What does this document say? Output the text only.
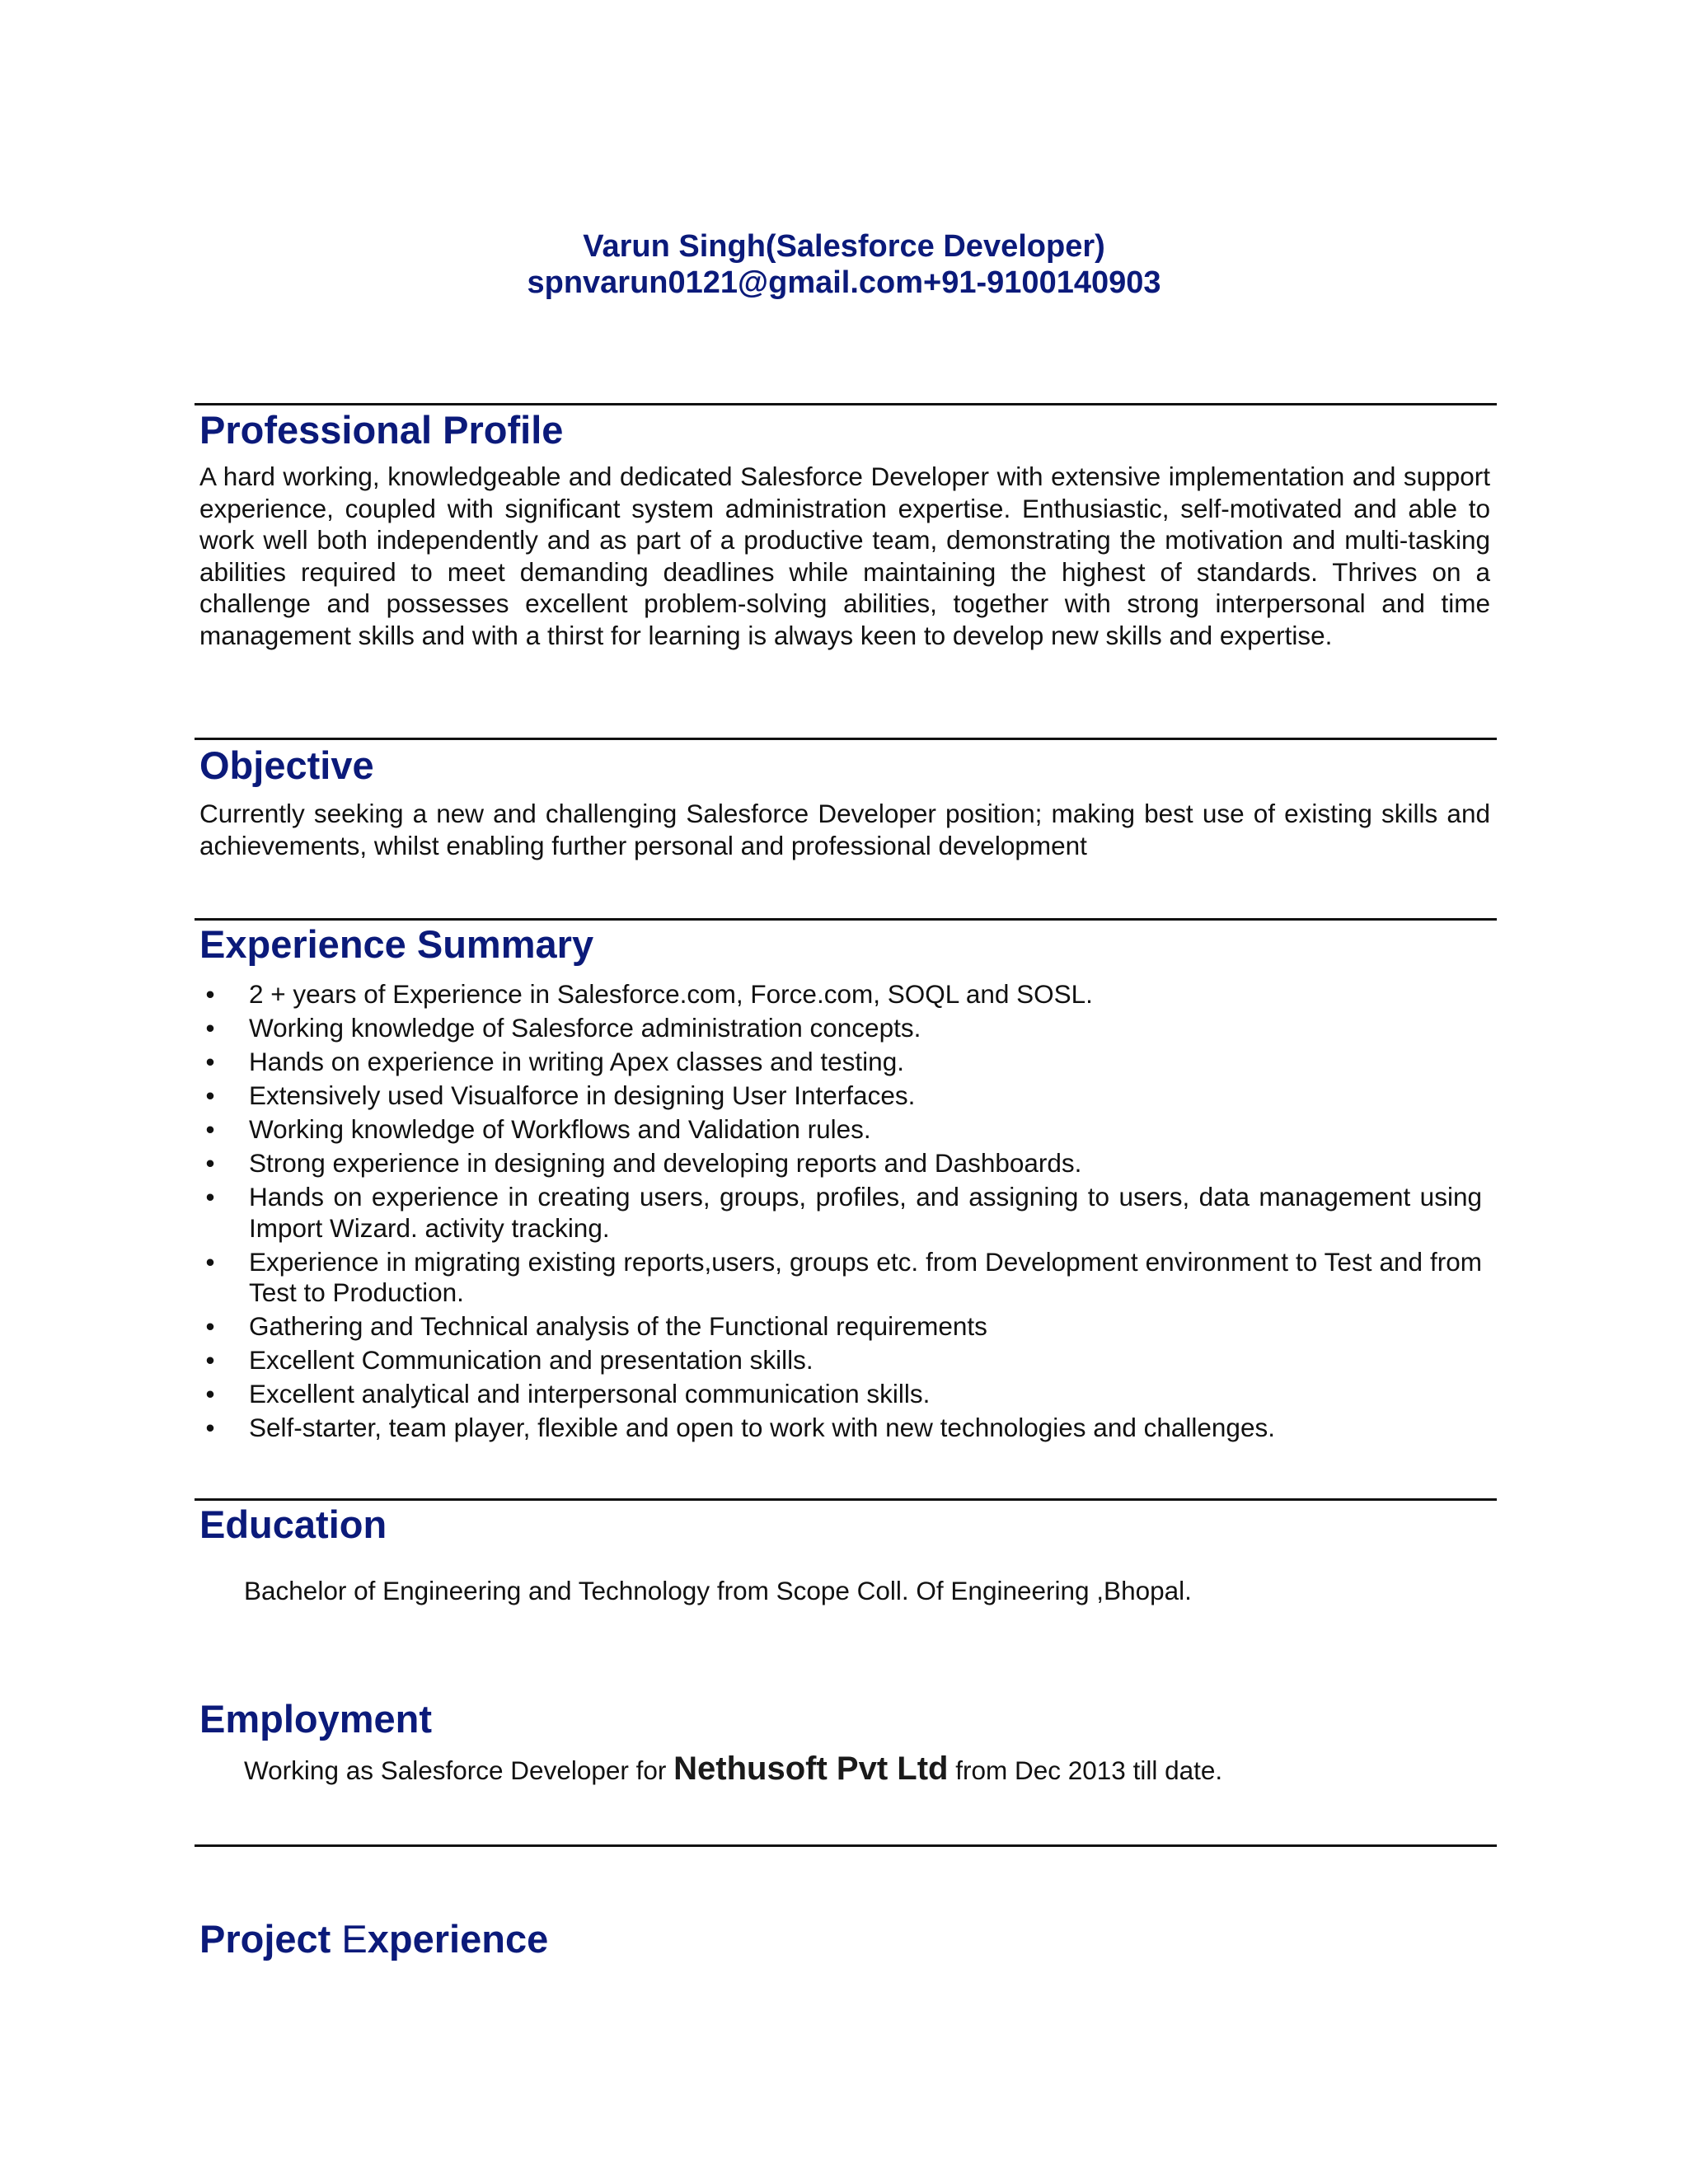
Varun Singh(Salesforce Developer)
spnvarun0121@gmail.com+91-9100140903
Professional Profile
A hard working, knowledgeable and dedicated Salesforce Developer with extensive implementation and support experience, coupled with significant system administration expertise. Enthusiastic, self-motivated and able to work well both independently and as part of a productive team, demonstrating the motivation and multi-tasking abilities required to meet demanding deadlines while maintaining the highest of standards. Thrives on a challenge and possesses excellent problem-solving abilities, together with strong interpersonal and time management skills and with a thirst for learning is always keen to develop new skills and expertise.
Objective
Currently seeking a new and challenging Salesforce Developer position; making best use of existing skills and achievements, whilst enabling further personal and professional development
Experience Summary
• 2 + years of Experience in Salesforce.com, Force.com, SOQL and SOSL.
• Working knowledge of Salesforce administration concepts.
• Hands on experience in writing Apex classes and testing.
• Extensively used Visualforce in designing User Interfaces.
• Working knowledge of Workflows and Validation rules.
• Strong experience in designing and developing reports and Dashboards.
• Hands on experience in creating users, groups, profiles, and assigning to users, data management using Import Wizard. activity tracking.
• Experience in migrating existing reports,users, groups etc. from Development environment to Test and from Test to Production.
• Gathering and Technical analysis of the Functional requirements
• Excellent Communication and presentation skills.
• Excellent analytical and interpersonal communication skills.
• Self-starter, team player, flexible and open to work with new technologies and challenges.
Education
Bachelor of Engineering and Technology from Scope Coll. Of Engineering ,Bhopal.
Employment
Working as Salesforce Developer for Nethusoft Pvt Ltd from Dec 2013 till date.
Project Experience
